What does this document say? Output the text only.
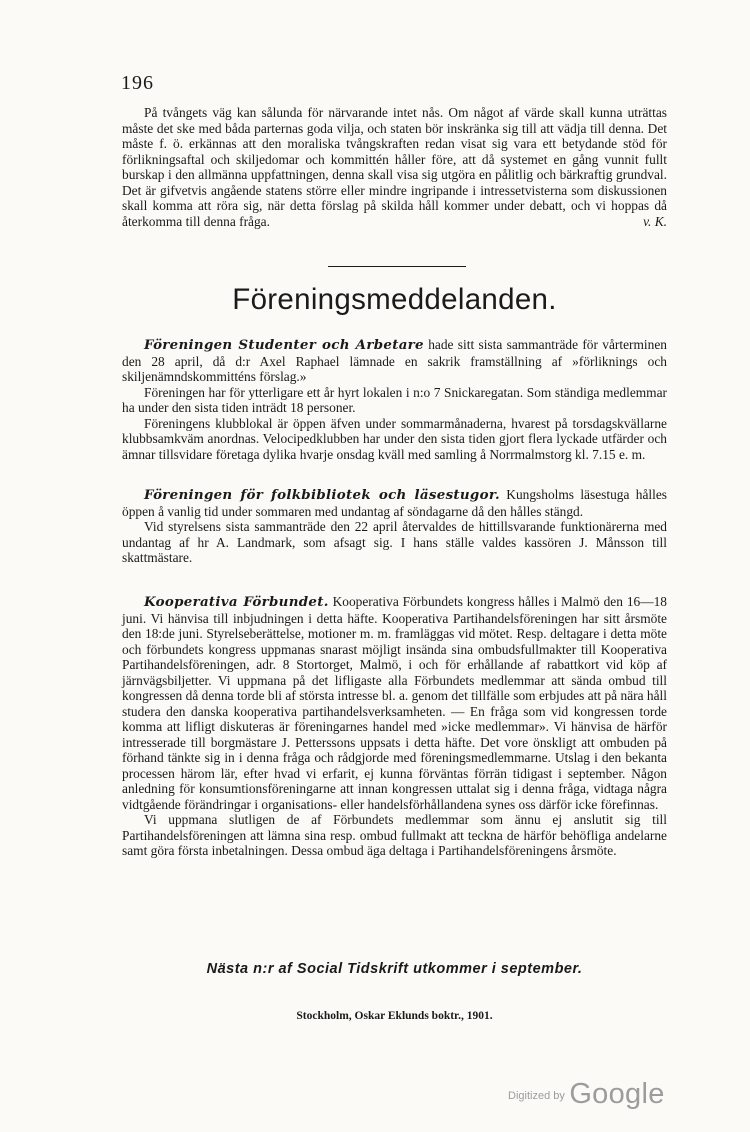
196

På tvångets väg kan sålunda för närvarande intet nås. Om något af värde skall kunna uträttas måste det ske med båda parternas goda vilja, och staten bör inskränka sig till att vädja till denna. Det måste f. ö. erkännas att den moraliska tvångskraften redan visat sig vara ett betydande stöd för förlikningsaftal och skiljedomar och kommittén håller före, att då systemet en gång vunnit fullt burskap i den allmänna uppfattningen, denna skall visa sig utgöra en pålitlig och bärkraftig grundval. Det är gifvetvis angående statens större eller mindre ingripande i intressetvisterna som diskussionen skall komma att röra sig, när detta förslag på skilda håll kommer under debatt, och vi hoppas då återkomma till denna fråga.	v. K.

Föreningsmeddelanden.

Föreningen Studenter och Arbetare hade sitt sista sammanträde för vårterminen den 28 april, då d:r Axel Raphael lämnade en sakrik framställning af »förliknings och skiljenämndskommitténs förslag.»

Föreningen har för ytterligare ett år hyrt lokalen i n:o 7 Snickaregatan. Som ständiga medlemmar ha under den sista tiden inträdt 18 personer.

Föreningens klubblokal är öppen äfven under sommarmånaderna, hvarest på torsdagskvällarne klubbsamkväm anordnas. Velocipedklubben har under den sista tiden gjort flera lyckade utfärder och ämnar tillsvidare företaga dylika hvarje onsdag kväll med samling å Norrmalmstorg kl. 7.15 e. m.

Föreningen för folkbibliotek och läsestugor. Kungsholms läsestuga hålles öppen å vanlig tid under sommaren med undantag af söndagarne då den hålles stängd.

Vid styrelsens sista sammanträde den 22 april återvaldes de hittillsvarande funktionärerna med undantag af hr A. Landmark, som afsagt sig. I hans ställe valdes kassören J. Månsson till skattmästare.

Kooperativa Förbundet. Kooperativa Förbundets kongress hålles i Malmö den 16—18 juni. Vi hänvisa till inbjudningen i detta häfte. Kooperativa Partihandelsföreningen har sitt årsmöte den 18:de juni. Styrelseberättelse, motioner m. m. framläggas vid mötet. Resp. deltagare i detta möte och förbundets kongress uppmanas snarast möjligt insända sina ombudsfullmakter till Kooperativa Partihandelsföreningen, adr. 8 Stortorget, Malmö, i och för erhållande af rabattkort vid köp af järnvägsbiljetter. Vi uppmana på det lifligaste alla Förbundets medlemmar att sända ombud till kongressen då denna torde bli af största intresse bl. a. genom det tillfälle som erbjudes att på nära håll studera den danska kooperativa partihandelsverksamheten. — En fråga som vid kongressen torde komma att lifligt diskuteras är föreningarnes handel med »icke medlemmar». Vi hänvisa de härför intresserade till borgmästare J. Petterssons uppsats i detta häfte. Det vore önskligt att ombuden på förhand tänkte sig in i denna fråga och rådgjorde med föreningsmedlemmarne. Utslag i den bekanta processen härom lär, efter hvad vi erfarit, ej kunna förväntas förrän tidigast i september. Någon anledning för konsumtionsföreningarne att innan kongressen uttalat sig i denna fråga, vidtaga några vidtgående förändringar i organisations- eller handelsförhållandena synes oss därför icke förefinnas.

Vi uppmana slutligen de af Förbundets medlemmar som ännu ej anslutit sig till Partihandelsföreningen att lämna sina resp. ombud fullmakt att teckna de härför behöfliga andelarne samt göra första inbetalningen. Dessa ombud äga deltaga i Partihandelsföreningens årsmöte.

Nästa n:r af Social Tidskrift utkommer i september.
Stockholm, Oskar Eklunds boktr., 1901.
$^{Digitized by}$ Google
